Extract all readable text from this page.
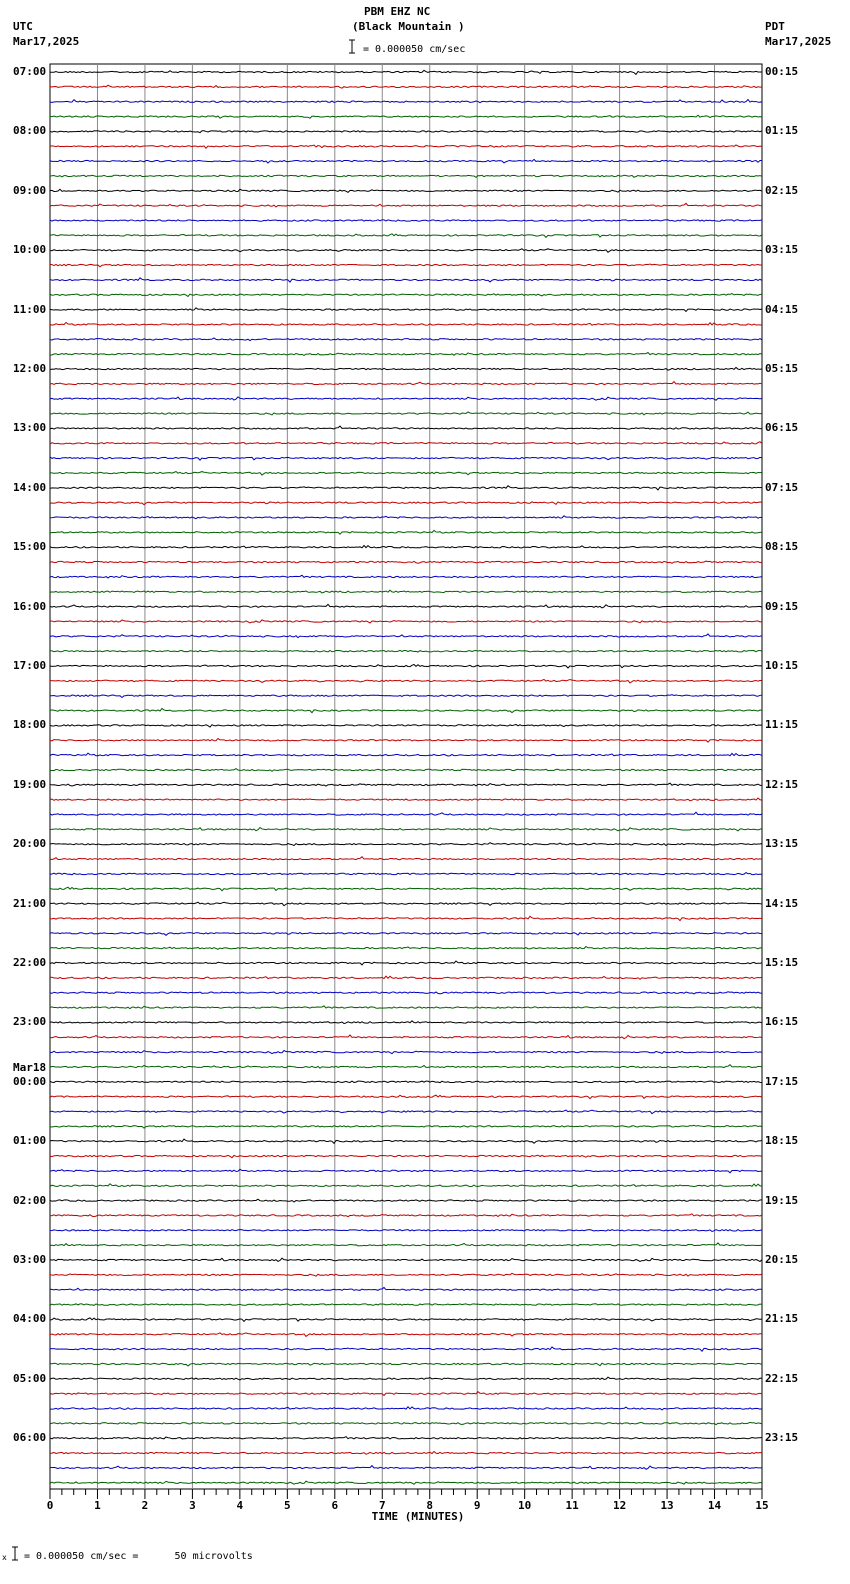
0	1	2	3	4	5	6	7	8	9	10	11	12	13	14	15
TIME (MINUTES)
x
PBM EHZ NC
(Black Mountain )
= 0.000050 cm/sec
UTC
Mar17,2025
PDT
Mar17,2025
= 0.000050 cm/sec =      50 microvolts
07:00
08:00
09:00
10:00
11:00
12:00
13:00
14:00
15:00
16:00
17:00
18:00
19:00
20:00
21:00
22:00
23:00
00:00
Mar18
01:00
02:00
03:00
04:00
05:00
06:00
00:15
01:15
02:15
03:15
04:15
05:15
06:15
07:15
08:15
09:15
10:15
11:15
12:15
13:15
14:15
15:15
16:15
17:15
18:15
19:15
20:15
21:15
22:15
23:15
